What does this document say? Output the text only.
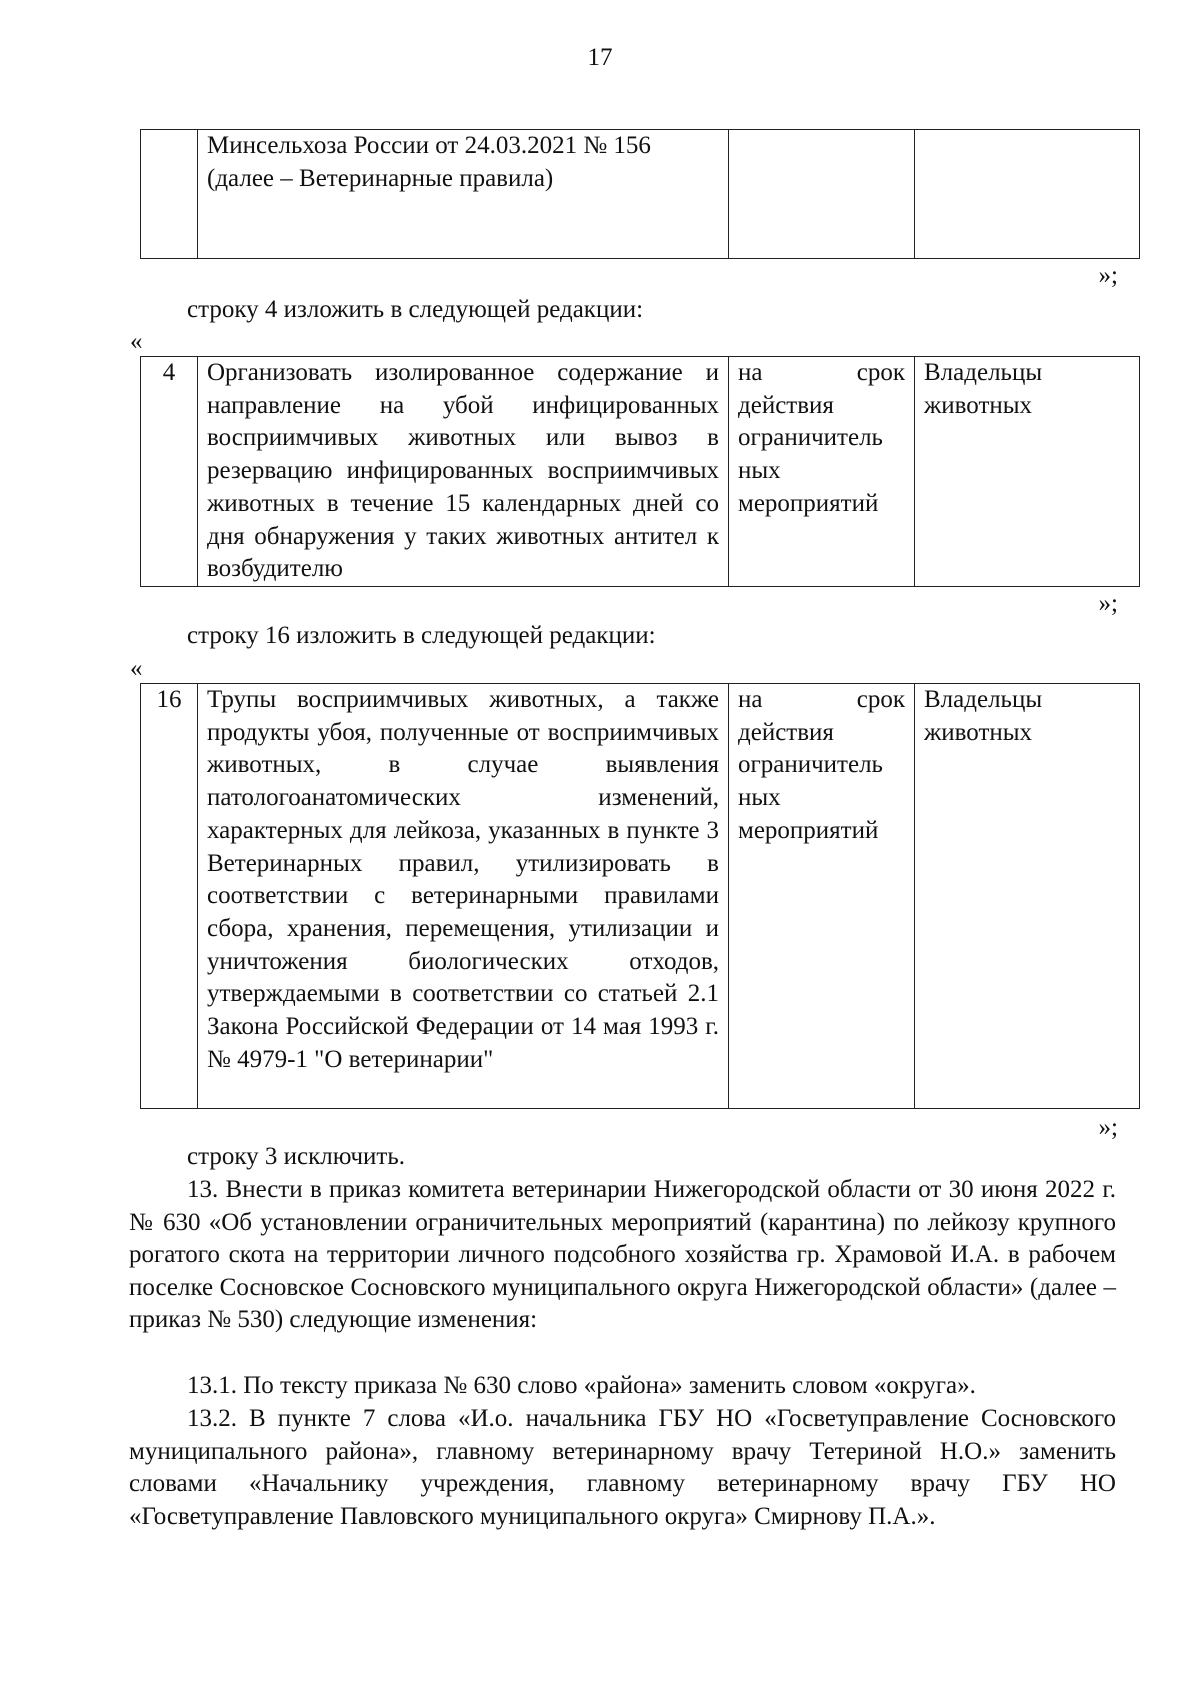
17
	Минсельхоза России от 24.03.2021 № 156 (далее – Ветеринарные правила)		
»;
строку 4 изложить в следующей редакции:
«
4	Организовать изолированное содержание и направление на убой инфицированных восприимчивых животных или вывоз в резервацию инфицированных восприимчивых животных в течение 15 календарных дней со дня обнаружения у таких животных антител к возбудителю	на срок действия ограничитель ных мероприятий	Владельцы животных
»;
строку 16 изложить в следующей редакции:
«
16	Трупы восприимчивых животных, а также продукты убоя, полученные от восприимчивых животных, в случае выявления патологоанатомических изменений, характерных для лейкоза, указанных в пункте 3 Ветеринарных правил, утилизировать в соответствии с ветеринарными правилами сбора, хранения, перемещения, утилизации и уничтожения биологических отходов, утверждаемыми в соответствии со статьей 2.1 Закона Российской Федерации от 14 мая 1993 г. № 4979-1 "О ветеринарии"	на срок действия ограничитель ных мероприятий	Владельцы животных
»;
строку 3 исключить.
13. Внести в приказ комитета ветеринарии Нижегородской области от 30 июня 2022 г. № 630 «Об установлении ограничительных мероприятий (карантина) по лейкозу крупного рогатого скота на территории личного подсобного хозяйства гр. Храмовой И.А. в рабочем поселке Сосновское Сосновского муниципального округа Нижегородской области» (далее – приказ № 530) следующие изменения:
13.1. По тексту приказа № 630 слово «района» заменить словом «округа».
13.2. В пункте 7 слова «И.о. начальника ГБУ НО «Госветуправление Сосновского муниципального района», главному ветеринарному врачу Тетериной Н.О.» заменить словами «Начальнику учреждения, главному ветеринарному врачу ГБУ НО «Госветуправление Павловского муниципального округа» Смирнову П.А.».
